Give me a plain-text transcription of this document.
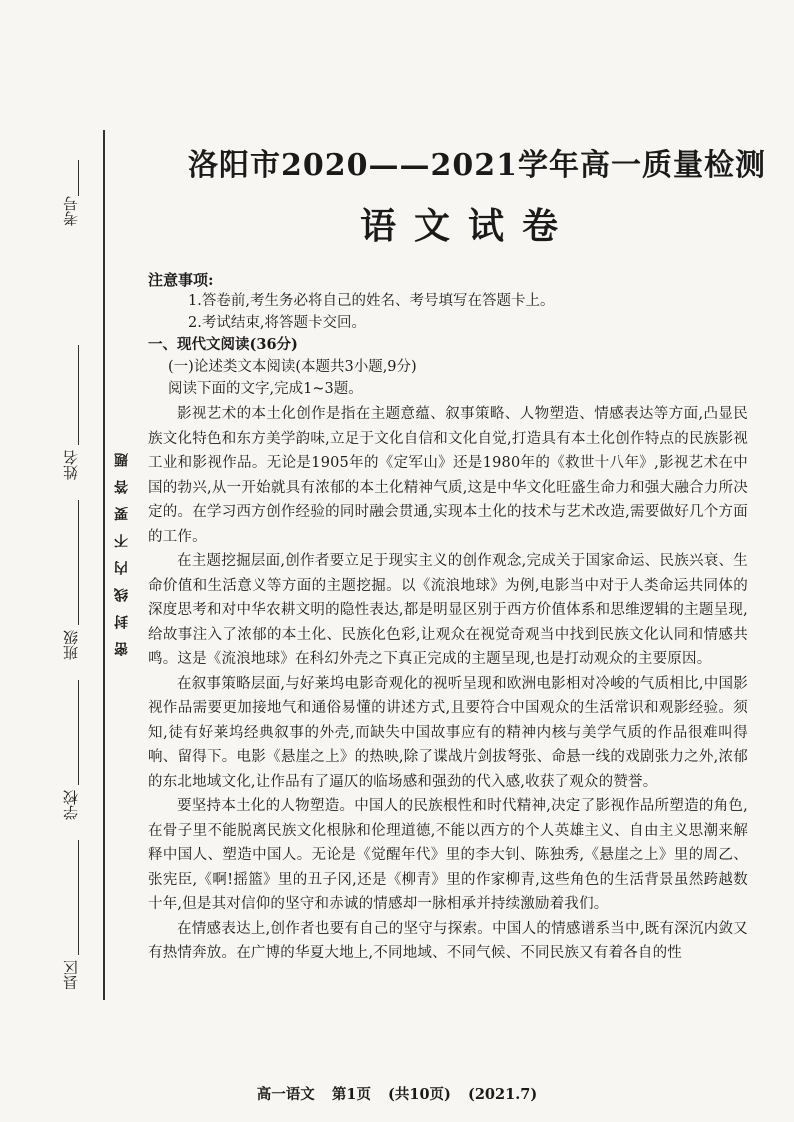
考号
姓名
班级
学校
县区
密封线内不要答题
洛阳市2020——2021学年高一质量检测
语文试卷
注意事项:
1.答卷前,考生务必将自己的姓名、考号填写在答题卡上。
2.考试结束,将答题卡交回。
一、现代文阅读(36分)
(一)论述类文本阅读(本题共3小题,9分)
阅读下面的文字,完成1~3题。

影视艺术的本土化创作是指在主题意蕴、叙事策略、人物塑造、情感表达等方面,凸显民族文化特色和东方美学韵味,立足于文化自信和文化自觉,打造具有本土化创作特点的民族影视工业和影视作品。无论是1905年的《定军山》还是1980年的《救世十八年》,影视艺术在中国的勃兴,从一开始就具有浓郁的本土化精神气质,这是中华文化旺盛生命力和强大融合力所决定的。在学习西方创作经验的同时融会贯通,实现本土化的技术与艺术改造,需要做好几个方面的工作。

在主题挖掘层面,创作者要立足于现实主义的创作观念,完成关于国家命运、民族兴衰、生命价值和生活意义等方面的主题挖掘。以《流浪地球》为例,电影当中对于人类命运共同体的深度思考和对中华农耕文明的隐性表达,都是明显区别于西方价值体系和思维逻辑的主题呈现,给故事注入了浓郁的本土化、民族化色彩,让观众在视觉奇观当中找到民族文化认同和情感共鸣。这是《流浪地球》在科幻外壳之下真正完成的主题呈现,也是打动观众的主要原因。

在叙事策略层面,与好莱坞电影奇观化的视听呈现和欧洲电影相对冷峻的气质相比,中国影视作品需要更加接地气和通俗易懂的讲述方式,且要符合中国观众的生活常识和观影经验。须知,徒有好莱坞经典叙事的外壳,而缺失中国故事应有的精神内核与美学气质的作品很难叫得响、留得下。电影《悬崖之上》的热映,除了谍战片剑拔弩张、命悬一线的戏剧张力之外,浓郁的东北地域文化,让作品有了逼仄的临场感和强劲的代入感,收获了观众的赞誉。

要坚持本土化的人物塑造。中国人的民族根性和时代精神,决定了影视作品所塑造的角色,在骨子里不能脱离民族文化根脉和伦理道德,不能以西方的个人英雄主义、自由主义思潮来解释中国人、塑造中国人。无论是《觉醒年代》里的李大钊、陈独秀,《悬崖之上》里的周乙、张宪臣,《啊!摇篮》里的丑子冈,还是《柳青》里的作家柳青,这些角色的生活背景虽然跨越数十年,但是其对信仰的坚守和赤诚的情感却一脉相承并持续激励着我们。

在情感表达上,创作者也要有自己的坚守与探索。中国人的情感谱系当中,既有深沉内敛又有热情奔放。在广博的华夏大地上,不同地域、不同气候、不同民族又有着各自的性

高一语文 第1页 (共10页) (2021.7)
